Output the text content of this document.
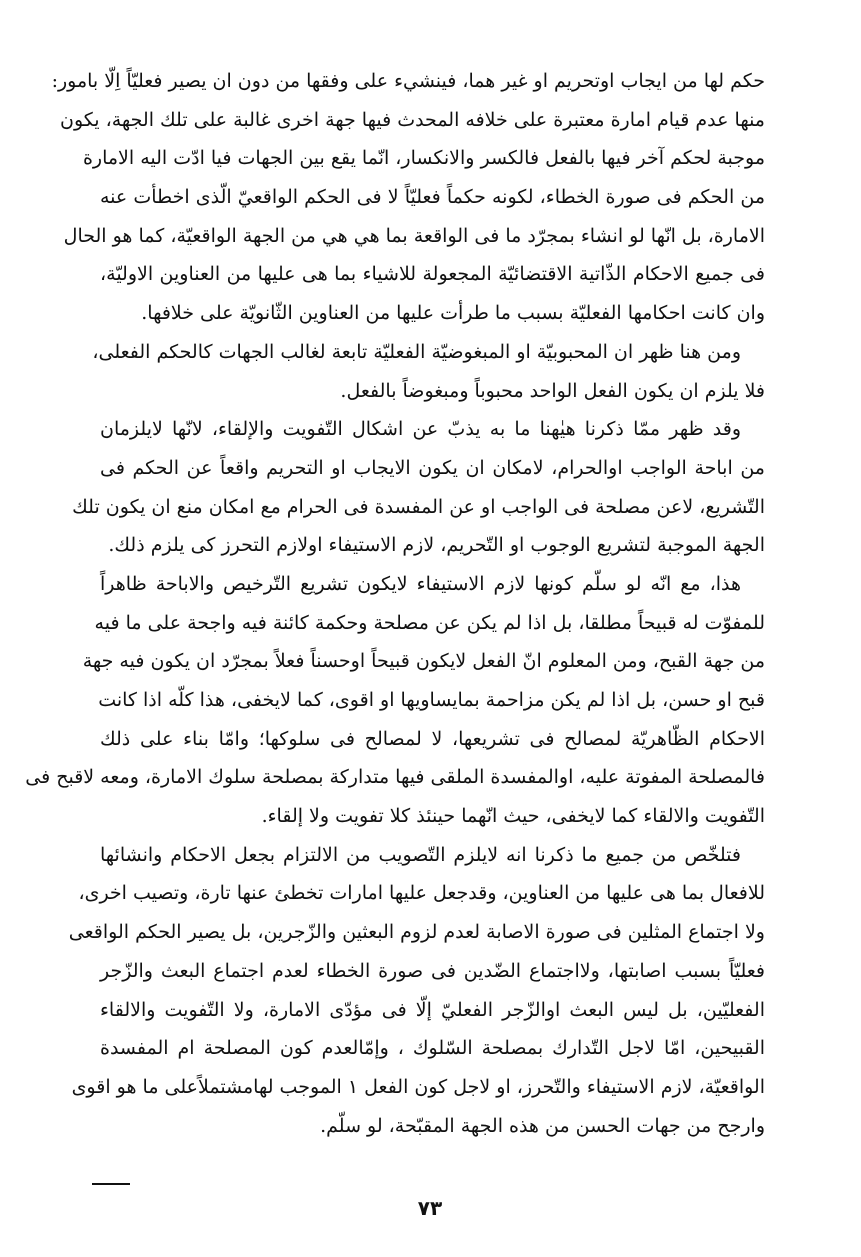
حكم لها من ايجاب اوتحريم او غير هما، فينشيء على وفقها من دون ان يصير فعليّاً اِلّا بامور:
منها عدم قيام امارة معتبرة على خلافه المحدث فيها جهة اخرى غالبة على تلك الجهة، يكون
موجبة لحكم آخر فيها بالفعل فالكسر والانكسار، انّما يقع بين الجهات فيا ادّت اليه الامارة
من الحكم فى صورة الخطاء، لكونه حكماً فعليّاً لا فى الحكم الواقعيّ الّذى اخطأت عنه
الامارة، بل انّها لو انشاء بمجرّد ما فى الواقعة بما هي هي من الجهة الواقعيّة، كما هو الحال
فى جميع الاحكام الذّاتية الاقتضائيّة المجعولة للاشياء بما هى عليها من العناوين الاوليّة،
وان كانت احكامها الفعليّة بسبب ما طرأت عليها من العناوين الثّانويّة على خلافها.
ومن هنا ظهر ان المحبوبيّة او المبغوضيّة الفعليّة تابعة لغالب الجهات كالحكم الفعلى،
فلا يلزم ان يكون الفعل الواحد محبوباً ومبغوضاً بالفعل.
وقد ظهر ممّا ذكرنا هيٰهنا ما به يذبّ عن اشكال التّفويت والإلقاء، لانّها لايلزمان
من اباحة الواجب اوالحرام، لامكان ان يكون الايجاب او التحريم واقعاً عن الحكم فى
التّشريع، لاعن مصلحة فى الواجب او عن المفسدة فى الحرام مع امكان منع ان يكون تلك
الجهة الموجبة لتشريع الوجوب او التّحريم، لازم الاستيفاء اولازم التحرز كى يلزم ذلك.
هذا، مع انّه لو سلّم كونها لازم الاستيفاء لايكون تشريع التّرخيص والاباحة ظاهراً
للمفوّت له قبيحاً مطلقا، بل اذا لم يكن عن مصلحة وحكمة كائنة فيه واجحة على ما فيه
من جهة القبح، ومن المعلوم انّ الفعل لايكون قبيحاً اوحسناً فعلاً بمجرّد ان يكون فيه جهة
قبح او حسن، بل اذا لم يكن مزاحمة بمايساويها او اقوى، كما لايخفى، هذا كلّه اذا كانت
الاحكام الظّاهريّة لمصالح فى تشريعها، لا لمصالح فى سلوكها؛ وامّا بناء على ذلك
فالمصلحة المفوتة عليه، اوالمفسدة الملقى فيها متداركة بمصلحة سلوك الامارة، ومعه لاقبح فى
التّفويت والالقاء كما لايخفى، حيث انّهما حينئذ كلا تفويت ولا إلقاء.
فتلخّص من جميع ما ذكرنا انه لايلزم التّصويب من الالتزام بجعل الاحكام وانشائها
للافعال بما هى عليها من العناوين، وقدجعل عليها امارات تخطئ عنها تارة، وتصيب اخرى،
ولا اجتماع المثلين فى صورة الاصابة لعدم لزوم البعثين والزّجرين، بل يصير الحكم الواقعى
فعليّاً بسبب اصابتها، ولااجتماع الضّدين فى صورة الخطاء لعدم اجتماع البعث والزّجر
الفعليّين، بل ليس البعث اوالزّجر الفعليّ إلّا فى مؤدّى الامارة، ولا التّفويت والالقاء
القبيحين، امّا لاجل التّدارك بمصلحة السّلوك ، وإمّالعدم كون المصلحة ام المفسدة
الواقعيّة، لازم الاستيفاء والتّحرز، او لاجل كون الفعل ١ الموجب لهامشتملاًعلى ما هو اقوى
وارجح من جهات الحسن من هذه الجهة المقبّحة، لو سلّم.
٧٣
